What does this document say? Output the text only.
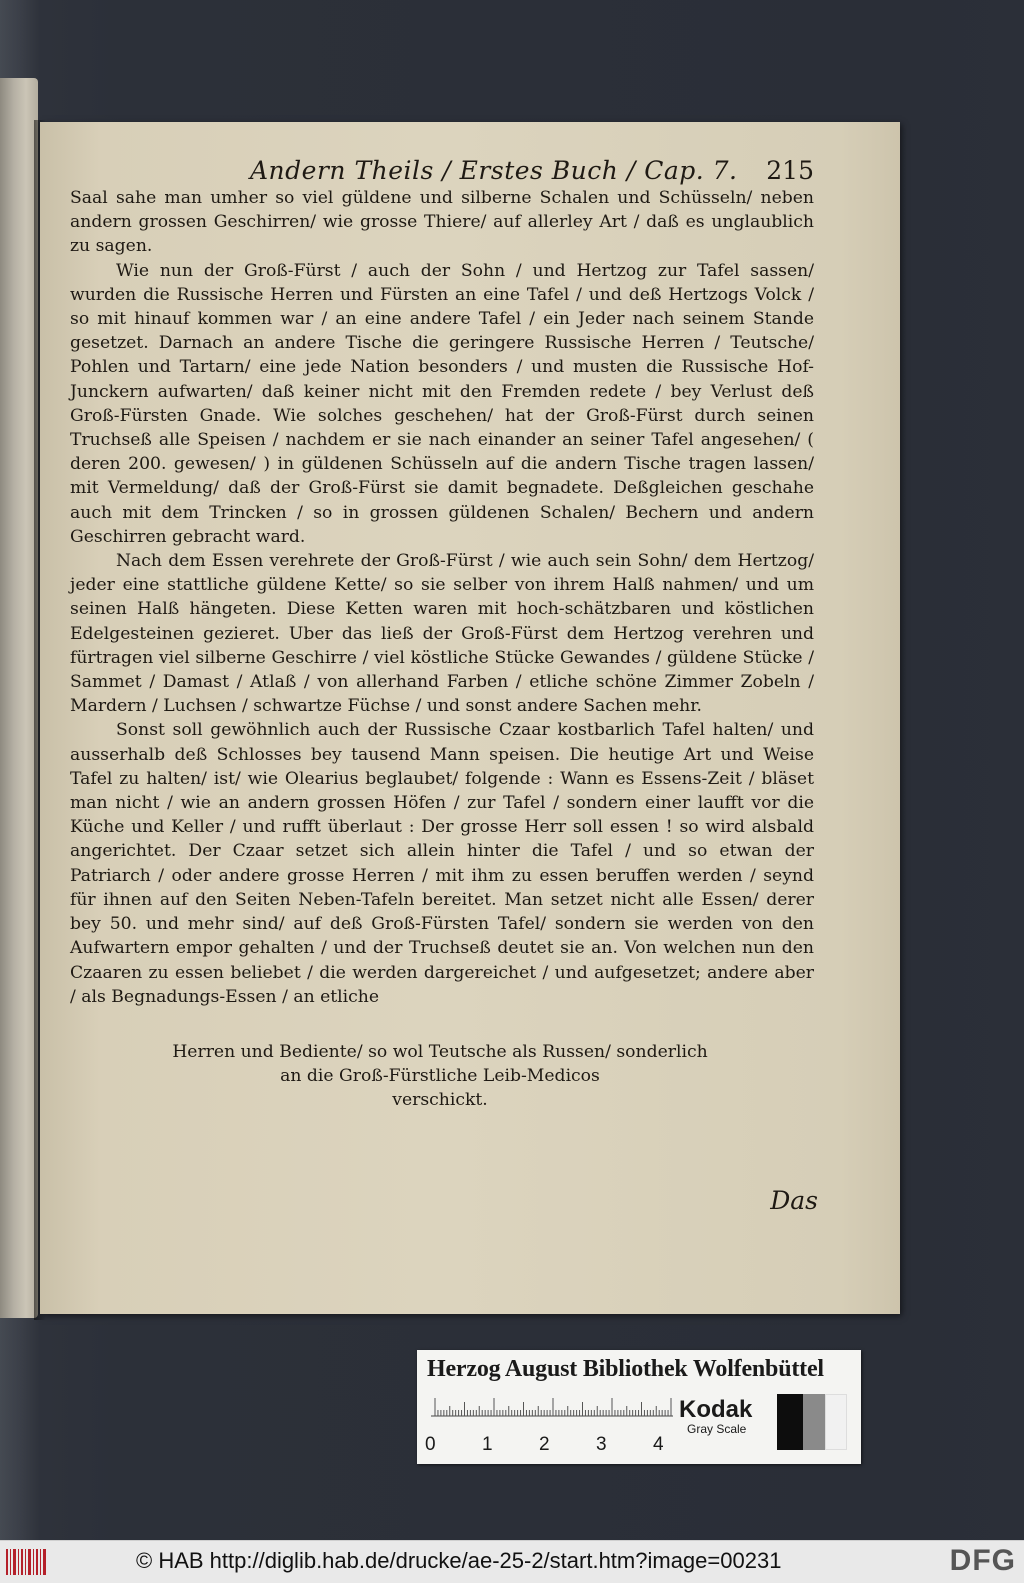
Andern Theils / Erstes Buch / Cap. 7.	215

Saal sahe man umher so viel güldene und silberne Schalen und Schüsseln/ neben andern grossen Geschirren/ wie grosse Thiere/ auf allerley Art / daß es unglaublich zu sagen.

Wie nun der Groß-Fürst / auch der Sohn / und Hertzog zur Tafel sassen/ wurden die Russische Herren und Fürsten an eine Tafel / und deß Hertzogs Volck / so mit hinauf kommen war / an eine andere Tafel / ein Jeder nach seinem Stande gesetzet. Darnach an andere Tische die geringere Russische Herren / Teutsche/ Pohlen und Tartarn/ eine jede Nation besonders / und musten die Russische Hof-Junckern aufwarten/ daß keiner nicht mit den Fremden redete / bey Verlust deß Groß-Fürsten Gnade. Wie solches geschehen/ hat der Groß-Fürst durch seinen Truchseß alle Speisen / nachdem er sie nach einander an seiner Tafel angesehen/ ( deren 200. gewesen/ ) in güldenen Schüsseln auf die andern Tische tragen lassen/ mit Vermeldung/ daß der Groß-Fürst sie damit begnadete. Deßgleichen geschahe auch mit dem Trincken / so in grossen güldenen Schalen/ Bechern und andern Geschirren gebracht ward.

Nach dem Essen verehrete der Groß-Fürst / wie auch sein Sohn/ dem Hertzog/ jeder eine stattliche güldene Kette/ so sie selber von ihrem Halß nahmen/ und um seinen Halß hängeten. Diese Ketten waren mit hoch-schätzbaren und köstlichen Edelgesteinen gezieret. Uber das ließ der Groß-Fürst dem Hertzog verehren und fürtragen viel silberne Geschirre / viel köstliche Stücke Gewandes / güldene Stücke / Sammet / Damast / Atlaß / von allerhand Farben / etliche schöne Zimmer Zobeln / Mardern / Luchsen / schwartze Füchse / und sonst andere Sachen mehr.

Sonst soll gewöhnlich auch der Russische Czaar kostbarlich Tafel halten/ und ausserhalb deß Schlosses bey tausend Mann speisen. Die heutige Art und Weise Tafel zu halten/ ist/ wie Olearius beglaubet/ folgende : Wann es Essens-Zeit / bläset man nicht / wie an andern grossen Höfen / zur Tafel / sondern einer laufft vor die Küche und Keller / und rufft überlaut : Der grosse Herr soll essen ! so wird alsbald angerichtet. Der Czaar setzet sich allein hinter die Tafel / und so etwan der Patriarch / oder andere grosse Herren / mit ihm zu essen beruffen werden / seynd für ihnen auf den Seiten Neben-Tafeln bereitet. Man setzet nicht alle Essen/ derer bey 50. und mehr sind/ auf deß Groß-Fürsten Tafel/ sondern sie werden von den Aufwartern empor gehalten / und der Truchseß deutet sie an. Von welchen nun den Czaaren zu essen beliebet / die werden dargereichet / und aufgesetzet; andere aber / als Begnadungs-Essen / an etliche

Herren und Bediente/ so wol Teutsche als Russen/ sonderlich
an die Groß-Fürstliche Leib-Medicos
verschickt.
Das
Herzog August Bibliothek Wolfenbüttel
0 1 2 3 4
Kodak
Gray Scale
© HAB http://diglib.hab.de/drucke/ae-25-2/start.htm?image=00231	DFG
